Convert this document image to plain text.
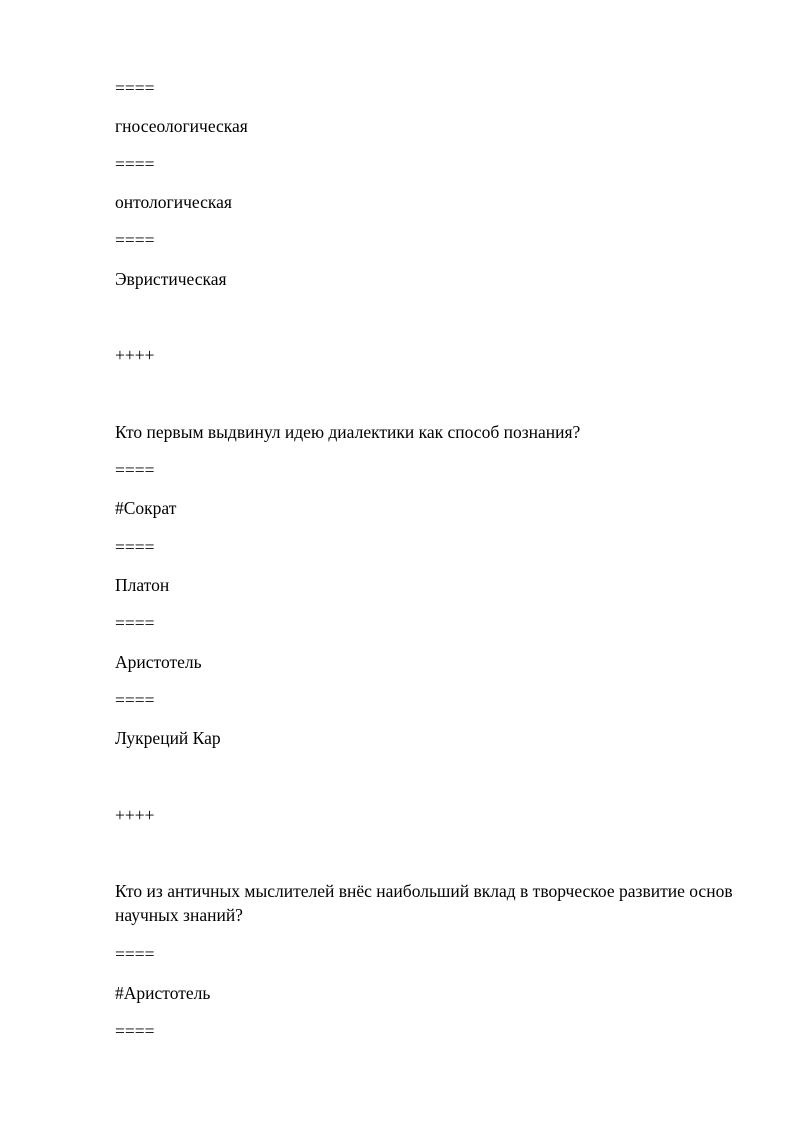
====

гносеологическая

====

онтологическая

====

Эвристическая

++++

Кто первым выдвинул идею диалектики как способ познания?

====

#Сократ

====

Платон

====

Аристотель

====

Лукреций Кар

++++

Кто из античных мыслителей внёс наибольший вклад в творческое развитие основ научных знаний?

====

#Аристотель

====
